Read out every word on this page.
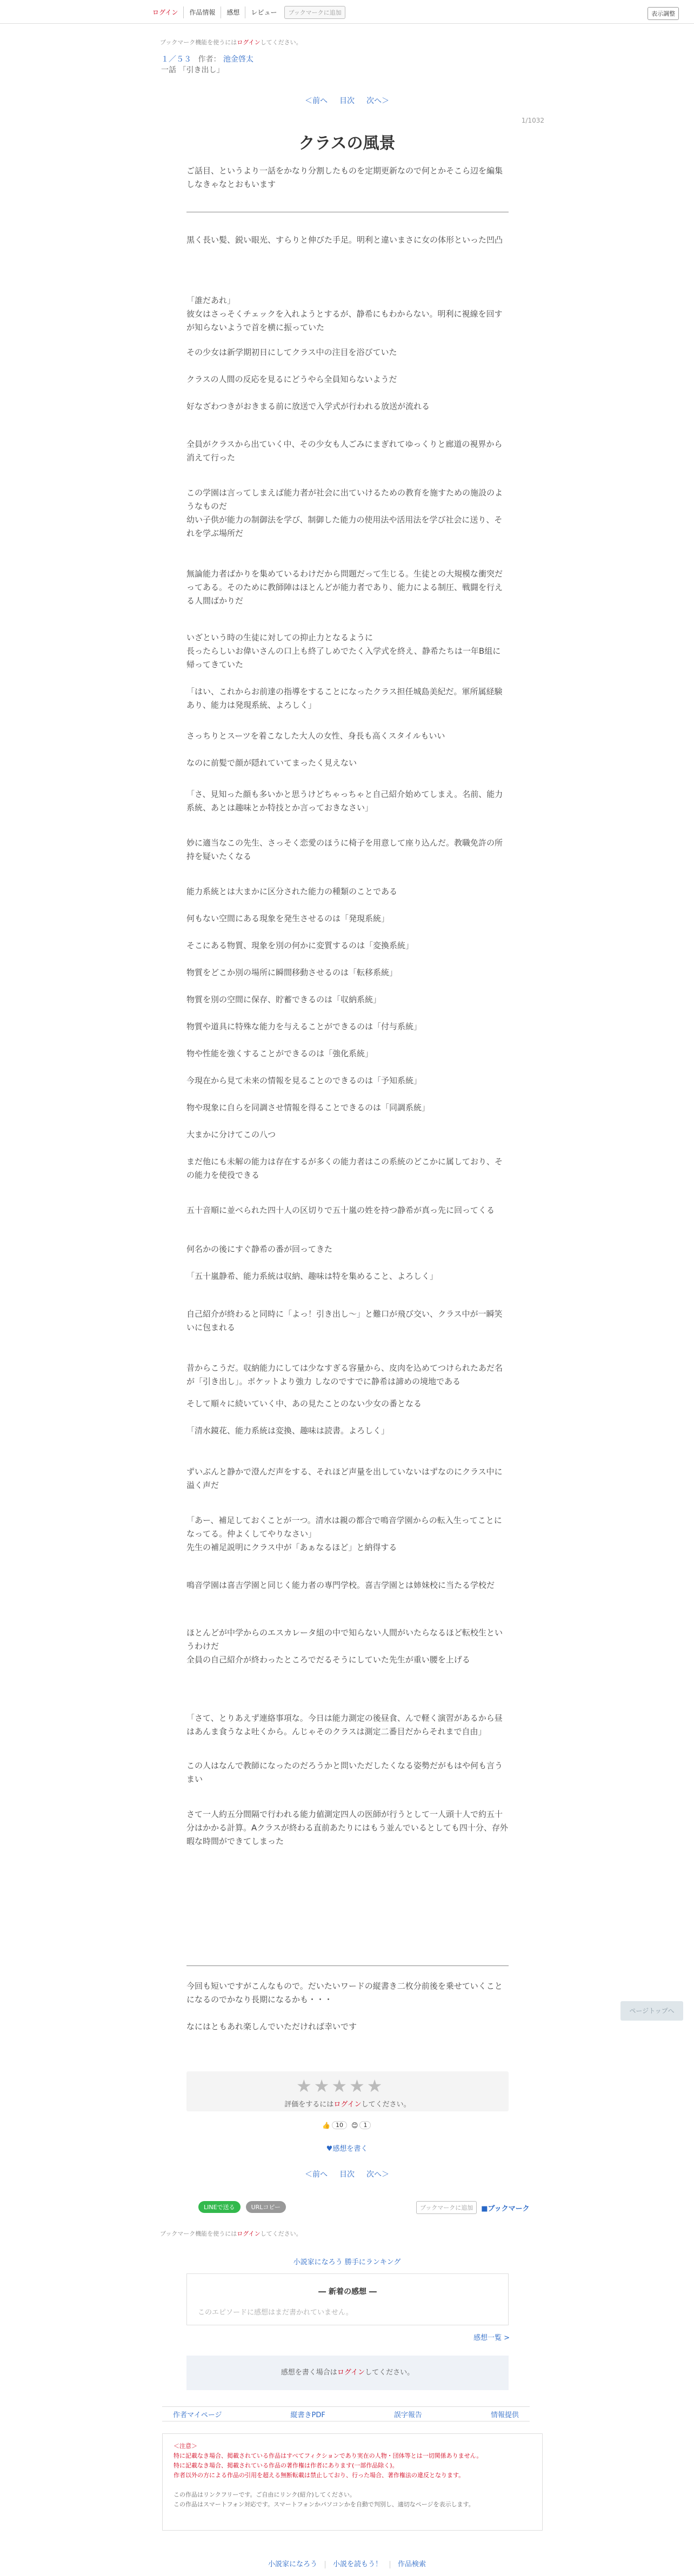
ログイン	作品情報	感想	レビュー	ブックマークに追加	表示調整
ブックマーク機能を使うにはログインしてください。
１／５３ 作者： 池金啓太
一話 「引き出し」
＜前へ 目次 次へ＞
1/1032
クラスの風景
ご話目、というより一話をかなり分割したものを定期更新なので何とかそこら辺を編集しなきゃなとおもいます
黒く長い髪、鋭い眼光、すらりと伸びた手足。明利と違いまさに女の体形といった凹凸
「誰だあれ」
彼女はさっそくチェックを入れようとするが、静希にもわからない。明利に視線を回すが知らないようで首を横に振っていた
その少女は新学期初日にしてクラス中の注目を浴びていた
クラスの人間の反応を見るにどうやら全員知らないようだ
好なざわつきがおきまる前に放送で入学式が行われる放送が流れる
全員がクラスから出ていく中、その少女も人ごみにまぎれてゆっくりと廊道の視界から消えて行った
この学園は言ってしまえば能力者が社会に出ていけるための教育を施すための施設のようなものだ
幼い子供が能力の制御法を学び、制御した能力の使用法や活用法を学び社会に送り、それを学ぶ場所だ
無論能力者ばかりを集めているわけだから問題だって生じる。生徒との大規模な衝突だってある。そのために教師陣はほとんどが能力者であり、能力による制圧、戦闘を行える人間ばかりだ
いざという時の生徒に対しての抑止力となるように
長ったらしいお偉いさんの口上も終了しめでたく入学式を終え、静希たちは一年B組に帰ってきていた
「はい、これからお前達の指導をすることになったクラス担任城島美紀だ。軍所属経験あり、能力は発現系統、よろしく」
さっちりとスーツを着こなした大人の女性、身長も高くスタイルもいい
なのに前髪で顔が隠れていてまったく見えない
「さ、見知った顔も多いかと思うけどちゃっちゃと自己紹介始めてしまえ。名前、能力系統、あとは趣味とか特技とか言っておきなさい」
妙に適当なこの先生、さっそく恋愛のほうに椅子を用意して座り込んだ。教職免許の所持を疑いたくなる
能力系統とは大まかに区分された能力の種類のことである
何もない空間にある現象を発生させるのは「発現系統」
そこにある物質、現象を別の何かに変質するのは「変換系統」
物質をどこか別の場所に瞬間移動させるのは「転移系統」
物質を別の空間に保存、貯蓄できるのは「収納系統」
物質や道具に特殊な能力を与えることができるのは「付与系統」
物や性能を強くすることができるのは「強化系統」
今現在から見て未来の情報を見ることのできるのは「予知系統」
物や現象に自らを同調させ情報を得ることできるのは「同調系統」
大まかに分けてこの八つ
まだ他にも未解の能力は存在するが多くの能力者はこの系統のどこかに属しており、その能力を使役できる
五十音順に並べられた四十人の区切りで五十嵐の姓を持つ静希が真っ先に回ってくる
何名かの後にすぐ静希の番が回ってきた
「五十嵐静希、能力系統は収納、趣味は特を集めること、よろしく」
自己紹介が終わると同時に「よっ！引き出し～」と難口が飛び交い、クラス中が一瞬笑いに包まれる
昔からこうだ。収納能力にしては少なすぎる容量から、皮肉を込めてつけられたあだ名が「引き出し」。ポケットより強力 しなのですでに静希は諦めの境地である
そして順々に続いていく中、あの見たことのない少女の番となる
「清水鏡花、能力系統は変換、趣味は読書。よろしく」
ずいぶんと静かで澄んだ声をする、それほど声量を出していないはずなのにクラス中に溢く声だ
「あー、補足しておくことが一つ。清水は親の都合で鳴音学園からの転入生ってことになってる。仲よくしてやりなさい」
先生の補足説明にクラス中が「あぁなるほど」と納得する
鳴音学園は喜吉学園と同じく能力者の専門学校。喜吉学園とは姉妹校に当たる学校だ
ほとんどが中学からのエスカレータ組の中で知らない人間がいたらなるほど転校生というわけだ
全員の自己紹介が終わったところでだるそうにしていた先生が重い腰を上げる
「さて、とりあえず連絡事項な。今日は能力測定の後昼食、んで軽く演習があるから昼はあんま食うなよ吐くから。んじゃそのクラスは測定二番目だからそれまで自由」
この人はなんで教師になったのだろうかと問いただしたくなる姿勢だがもはや何も言うまい
さて一人約五分間隔で行われる能力値測定四人の医師が行うとして一人頭十人で約五十分はかかる計算。Aクラスが終わる直前あたりにはもう並んでいるとしても四十分、存外暇な時間ができてしまった
今回も短いですがこんなもので。だいたいワードの縦書き二枚分前後を乗せていくことになるのでかなり長期になるかも・・・

なにはともあれ楽しんでいただければ幸いです
ページトップへ
★★★★★
評価をするにはログインしてください。
👍 10	😊 1
♥感想を書く
＜前へ 目次 次へ＞
LINEで送る	URLコピー	ブックマークに追加	■ブックマーク
ブックマーク機能を使うにはログインしてください。
小説家になろう 勝手にランキング
― 新着の感想 ―
このエピソードに感想はまだ書かれていません。
感想一覧 >
感想を書く場合はログインしてください。
作者マイページ	縦書きPDF	誤字報告	情報提供
＜注意＞
特に記載なき場合、掲載されている作品はすべてフィクションであり実在の人物・団体等とは一切関係ありません。
特に記載なき場合、掲載されている作品の著作権は作者にあります(一部作品除く)。
作者以外の方による作品の引用を超える無断転載は禁止しており、行った場合、著作権法の違反となります。
この作品はリンクフリーです。ご自由にリンク(紹介)してください。
この作品はスマートフォン対応です。スマートフォンかパソコンかを自動で判別し、適切なページを表示します。
小説家になろう	小説を読もう！	作品検索
